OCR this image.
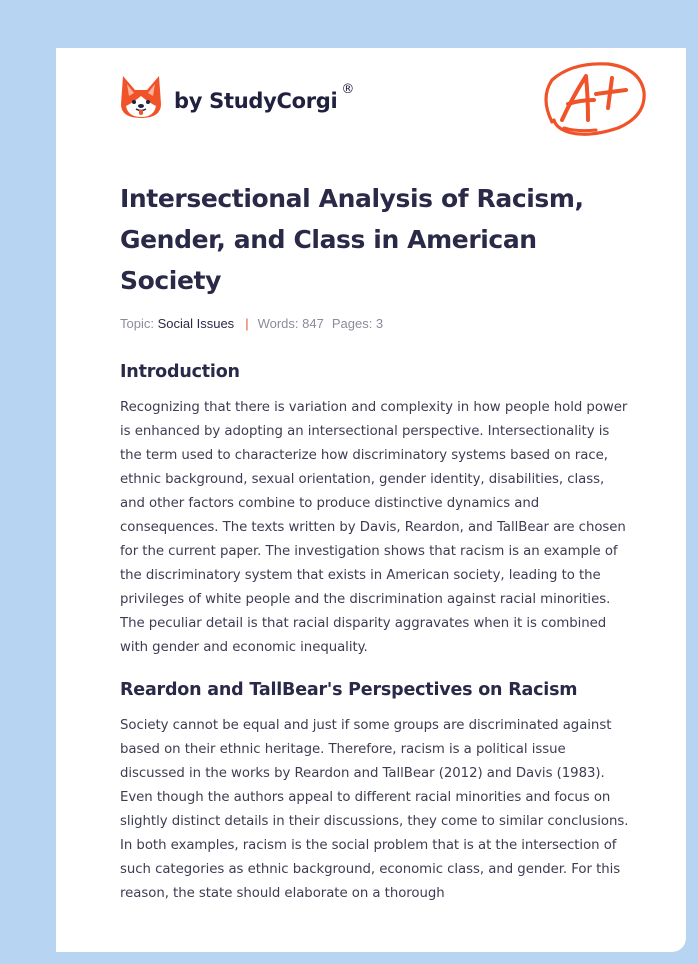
by StudyCorgi ®
Intersectional Analysis of Racism, Gender, and Class in American Society
Topic: Social Issues | Words: 847 Pages: 3
Introduction

Recognizing that there is variation and complexity in how people hold power is enhanced by adopting an intersectional perspective. Intersectionality is the term used to characterize how discriminatory systems based on race, ethnic background, sexual orientation, gender identity, disabilities, class, and other factors combine to produce distinctive dynamics and consequences. The texts written by Davis, Reardon, and TallBear are chosen for the current paper. The investigation shows that racism is an example of the discriminatory system that exists in American society, leading to the privileges of white people and the discrimination against racial minorities. The peculiar detail is that racial disparity aggravates when it is combined with gender and economic inequality.

Reardon and TallBear's Perspectives on Racism

Society cannot be equal and just if some groups are discriminated against based on their ethnic heritage. Therefore, racism is a political issue discussed in the works by Reardon and TallBear (2012) and Davis (1983). Even though the authors appeal to different racial minorities and focus on slightly distinct details in their discussions, they come to similar conclusions. In both examples, racism is the social problem that is at the intersection of such categories as ethnic background, economic class, and gender. For this reason, the state should elaborate on a thorough
